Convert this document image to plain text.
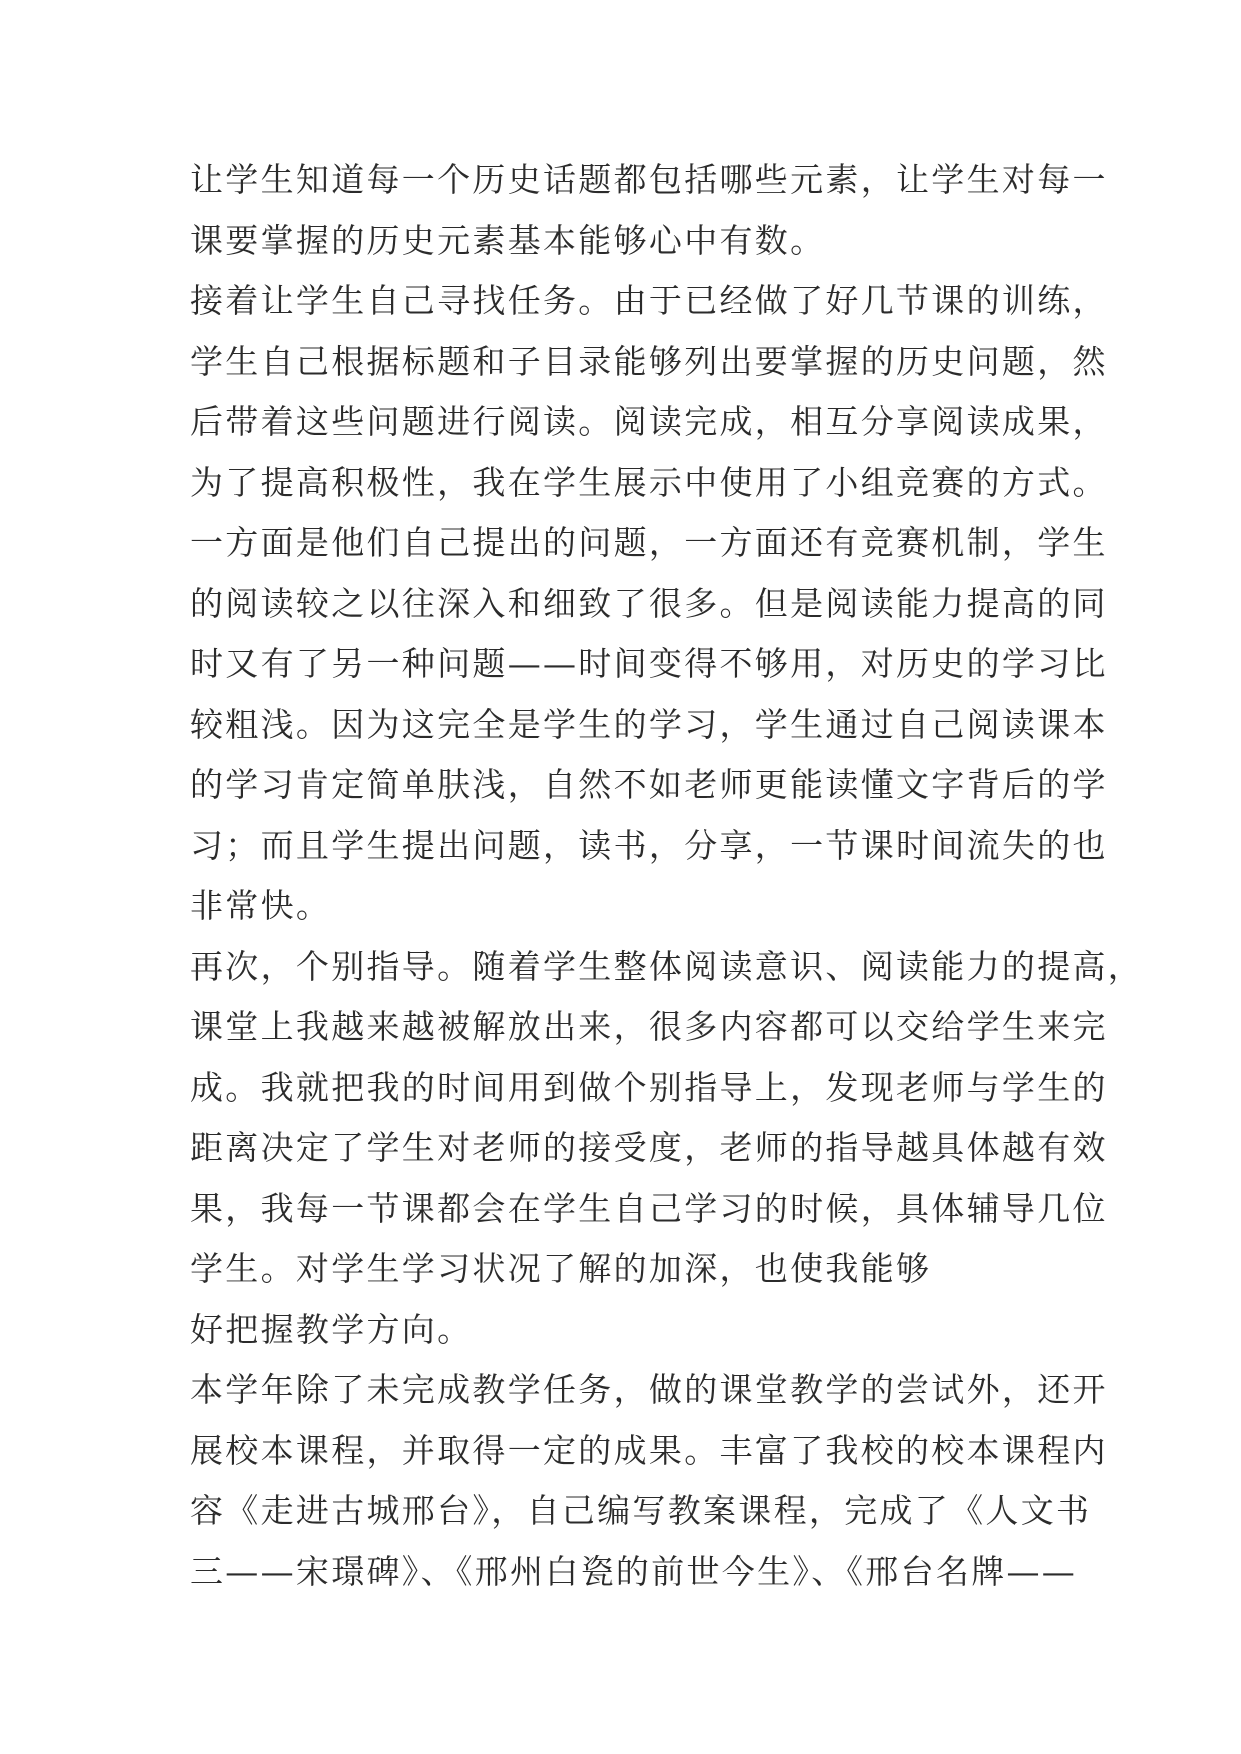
让学生知道每一个历史话题都包括哪些元素，让学生对每一
课要掌握的历史元素基本能够心中有数。
接着让学生自己寻找任务。由于已经做了好几节课的训练，
学生自己根据标题和子目录能够列出要掌握的历史问题，然
后带着这些问题进行阅读。阅读完成，相互分享阅读成果，
为了提高积极性，我在学生展示中使用了小组竞赛的方式。
一方面是他们自己提出的问题，一方面还有竞赛机制，学生
的阅读较之以往深入和细致了很多。但是阅读能力提高的同
时又有了另一种问题——时间变得不够用，对历史的学习比
较粗浅。因为这完全是学生的学习，学生通过自己阅读课本
的学习肯定简单肤浅，自然不如老师更能读懂文字背后的学
习；而且学生提出问题，读书，分享，一节课时间流失的也
非常快。
再次，个别指导。随着学生整体阅读意识、阅读能力的提高，
课堂上我越来越被解放出来，很多内容都可以交给学生来完
成。我就把我的时间用到做个别指导上，发现老师与学生的
距离决定了学生对老师的接受度，老师的指导越具体越有效
果，我每一节课都会在学生自己学习的时候，具体辅导几位
学生。对学生学习状况了解的加深，也使我能够
好把握教学方向。
本学年除了未完成教学任务，做的课堂教学的尝试外，还开
展校本课程，并取得一定的成果。丰富了我校的校本课程内
容《走进古城邢台》，自己编写教案课程，完成了《人文书
三——宋璟碑》、《邢州白瓷的前世今生》、《邢台名牌——
